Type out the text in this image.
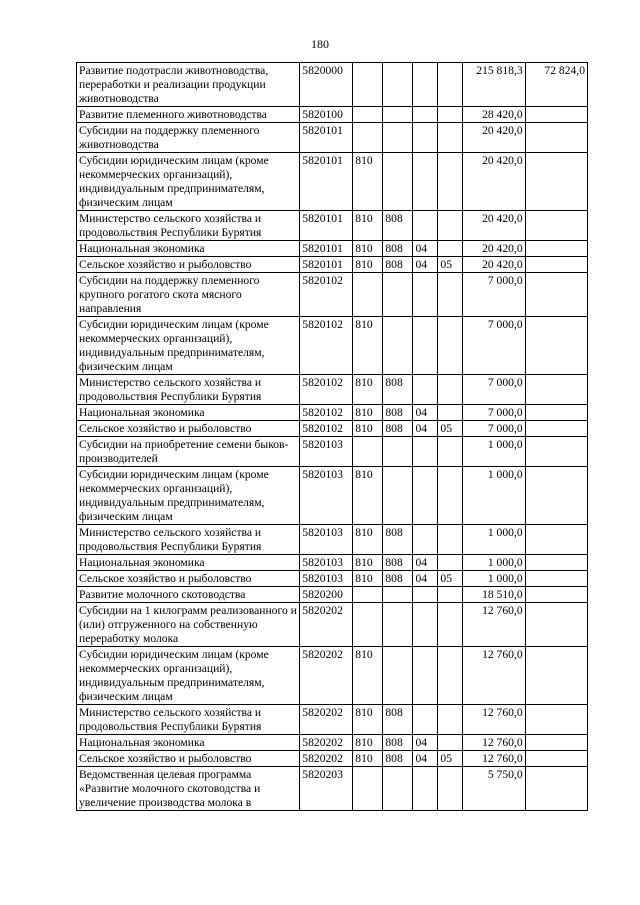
180
Развитие подотрасли животноводства, переработки и реализации продукции животноводства	5820000					215 818,3	72 824,0
Развитие племенного животноводства	5820100					28 420,0	
Субсидии на поддержку племенного животноводства	5820101					20 420,0	
Субсидии юридическим лицам (кроме некоммерческих организаций), индивидуальным предпринимателям, физическим лицам	5820101	810				20 420,0	
Министерство сельского хозяйства и продовольствия Республики Бурятия	5820101	810	808			20 420,0	
Национальная экономика	5820101	810	808	04		20 420,0	
Сельское хозяйство и рыболовство	5820101	810	808	04	05	20 420,0	
Субсидии на поддержку племенного крупного рогатого скота мясного направления	5820102					7 000,0	
Субсидии юридическим лицам (кроме некоммерческих организаций), индивидуальным предпринимателям, физическим лицам	5820102	810				7 000,0	
Министерство сельского хозяйства и продовольствия Республики Бурятия	5820102	810	808			7 000,0	
Национальная экономика	5820102	810	808	04		7 000,0	
Сельское хозяйство и рыболовство	5820102	810	808	04	05	7 000,0	
Субсидии на приобретение семени быков-производителей	5820103					1 000,0	
Субсидии юридическим лицам (кроме некоммерческих организаций), индивидуальным предпринимателям, физическим лицам	5820103	810				1 000,0	
Министерство сельского хозяйства и продовольствия Республики Бурятия	5820103	810	808			1 000,0	
Национальная экономика	5820103	810	808	04		1 000,0	
Сельское хозяйство и рыболовство	5820103	810	808	04	05	1 000,0	
Развитие молочного скотоводства	5820200					18 510,0	
Субсидии на 1 килограмм реализованного и (или) отгруженного на собственную переработку молока	5820202					12 760,0	
Субсидии юридическим лицам (кроме некоммерческих организаций), индивидуальным предпринимателям, физическим лицам	5820202	810				12 760,0	
Министерство сельского хозяйства и продовольствия Республики Бурятия	5820202	810	808			12 760,0	
Национальная экономика	5820202	810	808	04		12 760,0	
Сельское хозяйство и рыболовство	5820202	810	808	04	05	12 760,0	
Ведомственная целевая программа «Развитие молочного скотоводства и увеличение производства молока в	5820203					5 750,0	
